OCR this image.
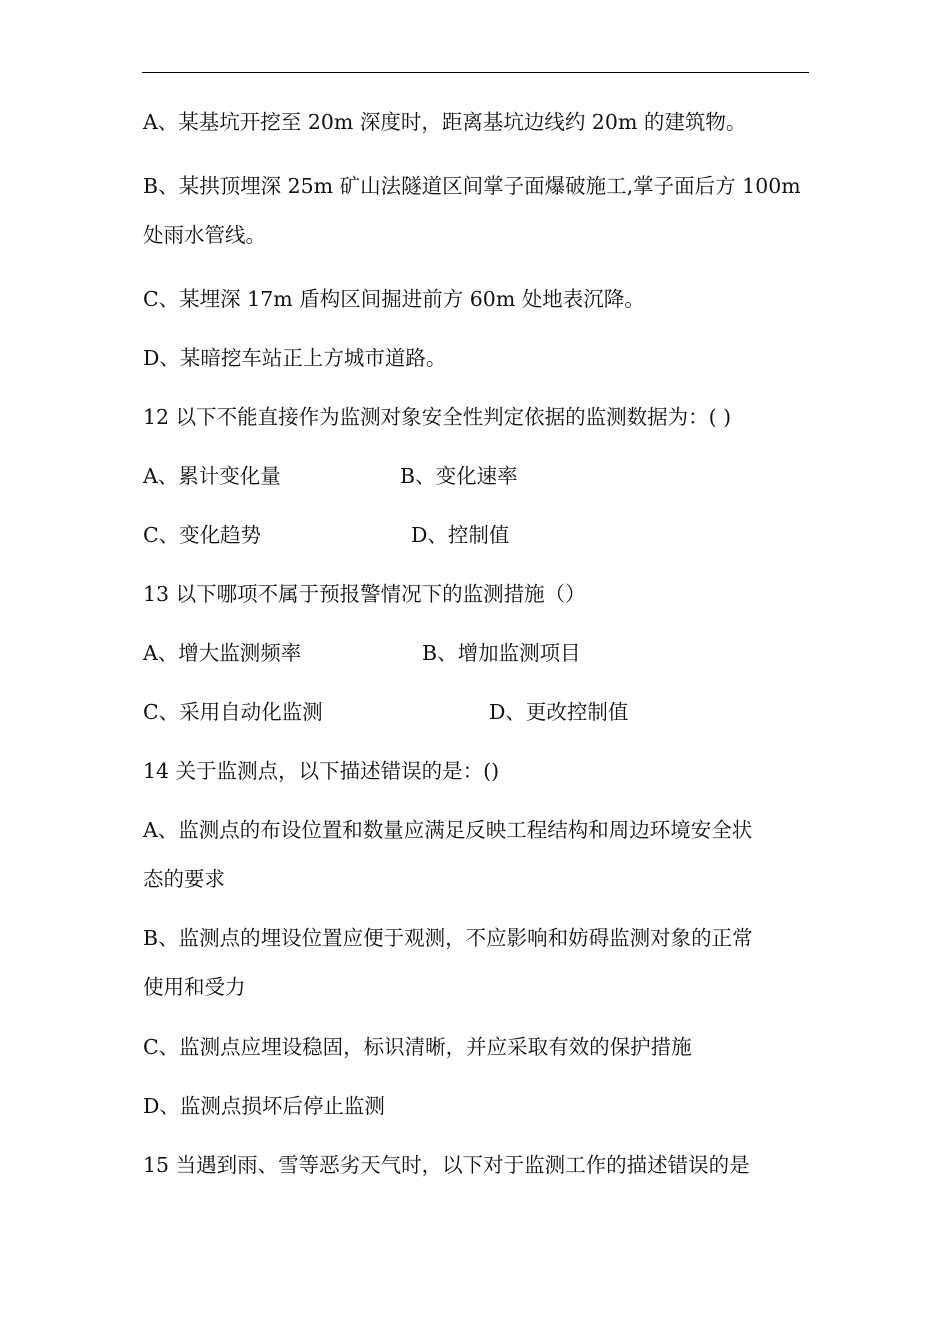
A、某基坑开挖至 20m 深度时，距离基坑边线约 20m 的建筑物。
B、某拱顶埋深 25m 矿山法隧道区间掌子面爆破施工,掌子面后方 100m
处雨水管线。
C、某埋深 17m 盾构区间掘进前方 60m 处地表沉降。
D、某暗挖车站正上方城市道路。
12 以下不能直接作为监测对象安全性判定依据的监测数据为：( )
A、累计变化量	B、变化速率
C、变化趋势	D、控制值
13 以下哪项不属于预报警情况下的监测措施（）
A、增大监测频率	B、增加监测项目
C、采用自动化监测	D、更改控制值
14 关于监测点，以下描述错误的是：()
A、监测点的布设位置和数量应满足反映工程结构和周边环境安全状
态的要求
B、监测点的埋设位置应便于观测，不应影响和妨碍监测对象的正常
使用和受力
C、监测点应埋设稳固，标识清晰，并应采取有效的保护措施
D、监测点损坏后停止监测
15 当遇到雨、雪等恶劣天气时，以下对于监测工作的描述错误的是
